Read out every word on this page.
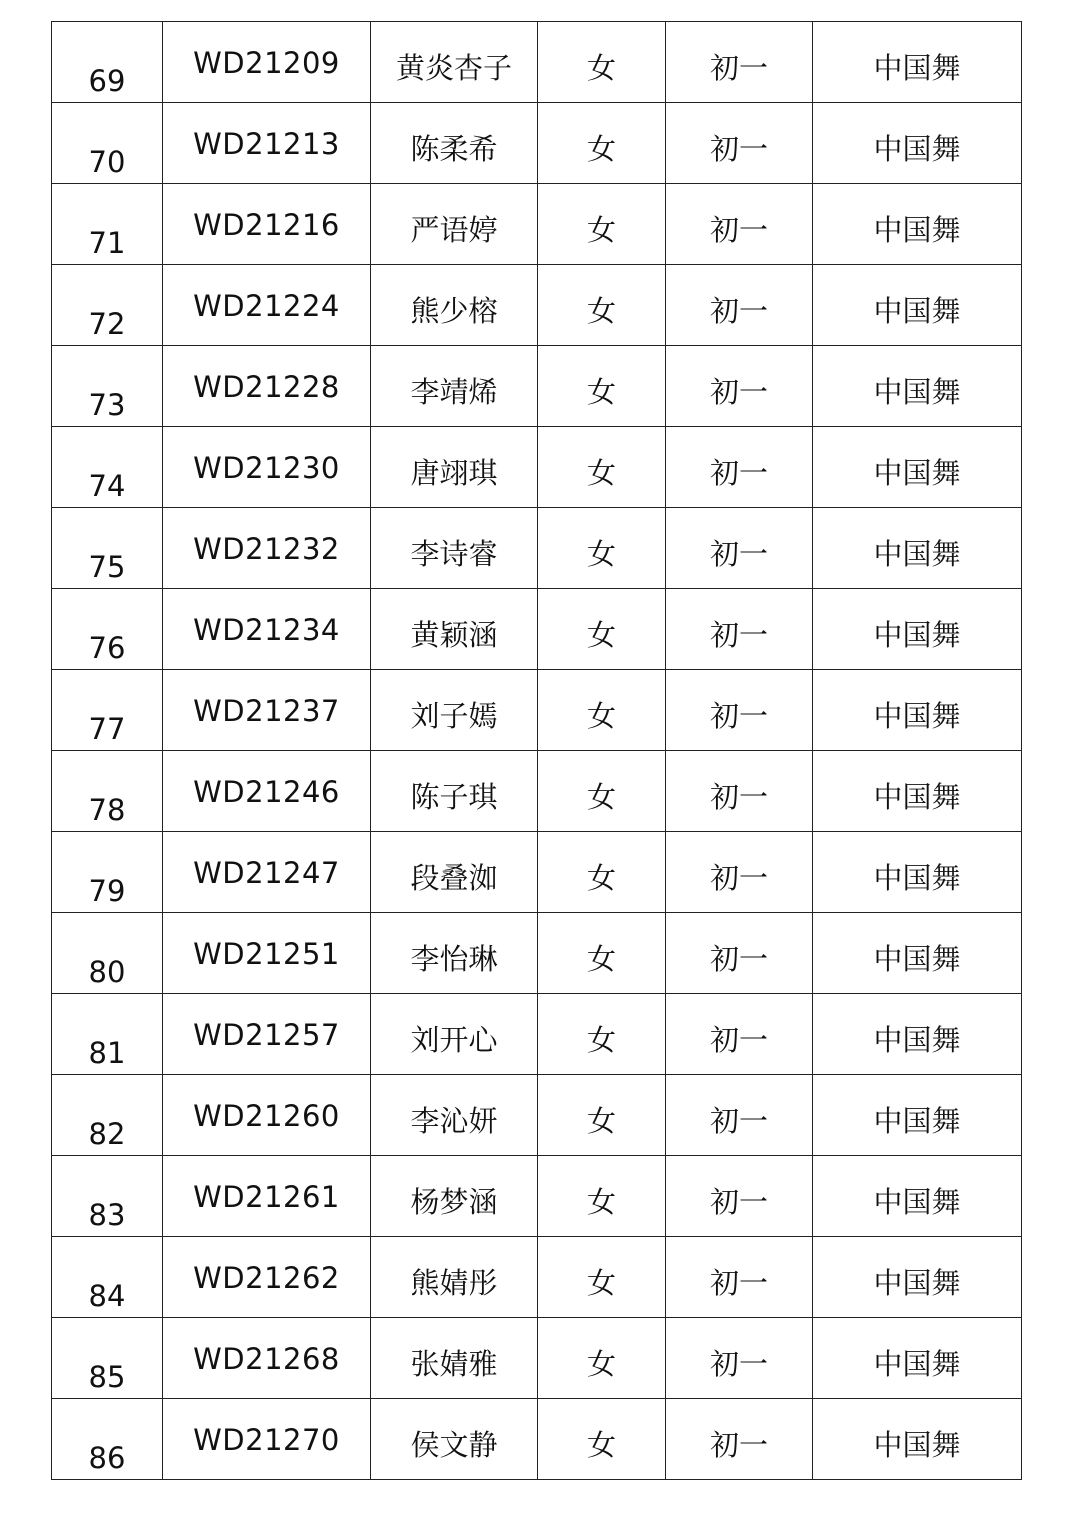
69	WD21209	黄炎杏子	女	初一	中国舞
70	WD21213	陈柔希	女	初一	中国舞
71	WD21216	严语婷	女	初一	中国舞
72	WD21224	熊少榕	女	初一	中国舞
73	WD21228	李靖烯	女	初一	中国舞
74	WD21230	唐翊琪	女	初一	中国舞
75	WD21232	李诗睿	女	初一	中国舞
76	WD21234	黄颖涵	女	初一	中国舞
77	WD21237	刘子嫣	女	初一	中国舞
78	WD21246	陈子琪	女	初一	中国舞
79	WD21247	段叠洳	女	初一	中国舞
80	WD21251	李怡琳	女	初一	中国舞
81	WD21257	刘开心	女	初一	中国舞
82	WD21260	李沁妍	女	初一	中国舞
83	WD21261	杨梦涵	女	初一	中国舞
84	WD21262	熊婧彤	女	初一	中国舞
85	WD21268	张婧雅	女	初一	中国舞
86	WD21270	侯文静	女	初一	中国舞
